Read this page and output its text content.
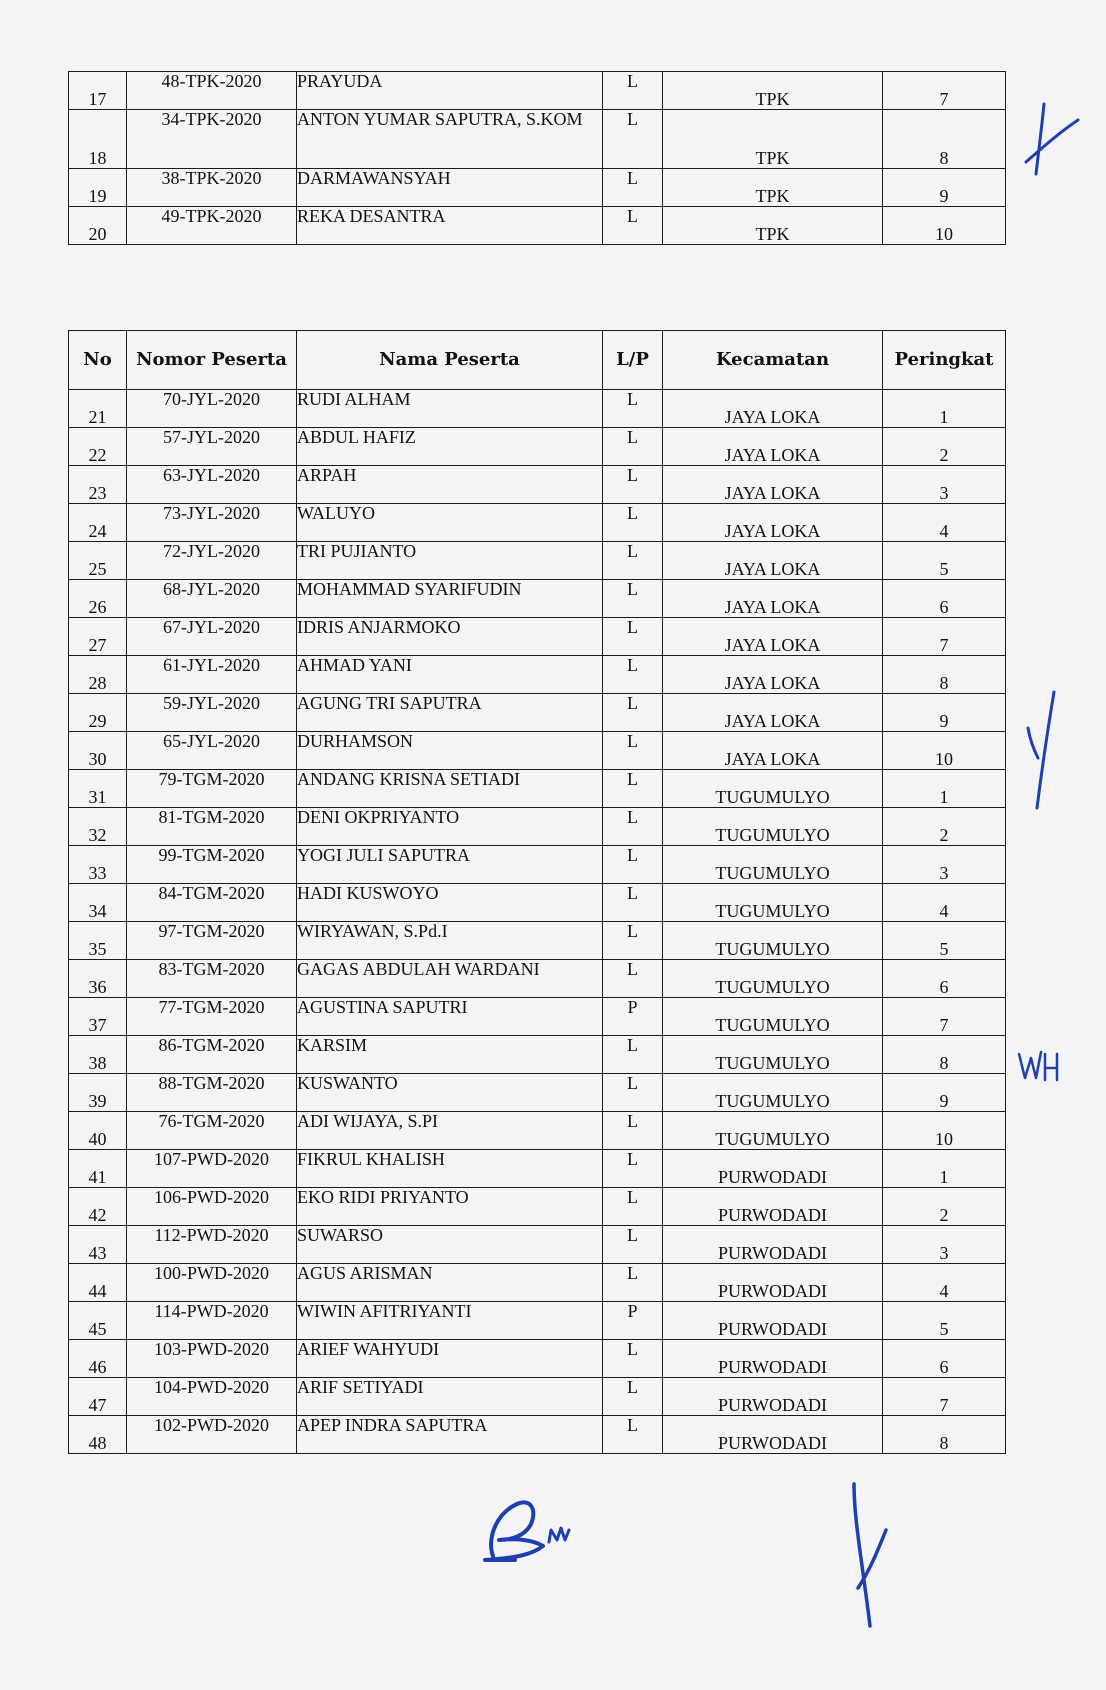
17	48-TPK-2020	PRAYUDA	L	TPK	7
18	34-TPK-2020	ANTON YUMAR SAPUTRA, S.KOM	L	TPK	8
19	38-TPK-2020	DARMAWANSYAH	L	TPK	9
20	49-TPK-2020	REKA DESANTRA	L	TPK	10
No	Nomor Peserta	Nama Peserta	L/P	Kecamatan	Peringkat
21	70-JYL-2020	RUDI ALHAM	L	JAYA LOKA	1
22	57-JYL-2020	ABDUL HAFIZ	L	JAYA LOKA	2
23	63-JYL-2020	ARPAH	L	JAYA LOKA	3
24	73-JYL-2020	WALUYO	L	JAYA LOKA	4
25	72-JYL-2020	TRI PUJIANTO	L	JAYA LOKA	5
26	68-JYL-2020	MOHAMMAD SYARIFUDIN	L	JAYA LOKA	6
27	67-JYL-2020	IDRIS ANJARMOKO	L	JAYA LOKA	7
28	61-JYL-2020	AHMAD YANI	L	JAYA LOKA	8
29	59-JYL-2020	AGUNG TRI SAPUTRA	L	JAYA LOKA	9
30	65-JYL-2020	DURHAMSON	L	JAYA LOKA	10
31	79-TGM-2020	ANDANG KRISNA SETIADI	L	TUGUMULYO	1
32	81-TGM-2020	DENI OKPRIYANTO	L	TUGUMULYO	2
33	99-TGM-2020	YOGI JULI SAPUTRA	L	TUGUMULYO	3
34	84-TGM-2020	HADI KUSWOYO	L	TUGUMULYO	4
35	97-TGM-2020	WIRYAWAN, S.Pd.I	L	TUGUMULYO	5
36	83-TGM-2020	GAGAS ABDULAH WARDANI	L	TUGUMULYO	6
37	77-TGM-2020	AGUSTINA SAPUTRI	P	TUGUMULYO	7
38	86-TGM-2020	KARSIM	L	TUGUMULYO	8
39	88-TGM-2020	KUSWANTO	L	TUGUMULYO	9
40	76-TGM-2020	ADI WIJAYA, S.PI	L	TUGUMULYO	10
41	107-PWD-2020	FIKRUL KHALISH	L	PURWODADI	1
42	106-PWD-2020	EKO RIDI PRIYANTO	L	PURWODADI	2
43	112-PWD-2020	SUWARSO	L	PURWODADI	3
44	100-PWD-2020	AGUS ARISMAN	L	PURWODADI	4
45	114-PWD-2020	WIWIN AFITRIYANTI	P	PURWODADI	5
46	103-PWD-2020	ARIEF WAHYUDI	L	PURWODADI	6
47	104-PWD-2020	ARIF SETIYADI	L	PURWODADI	7
48	102-PWD-2020	APEP INDRA SAPUTRA	L	PURWODADI	8
